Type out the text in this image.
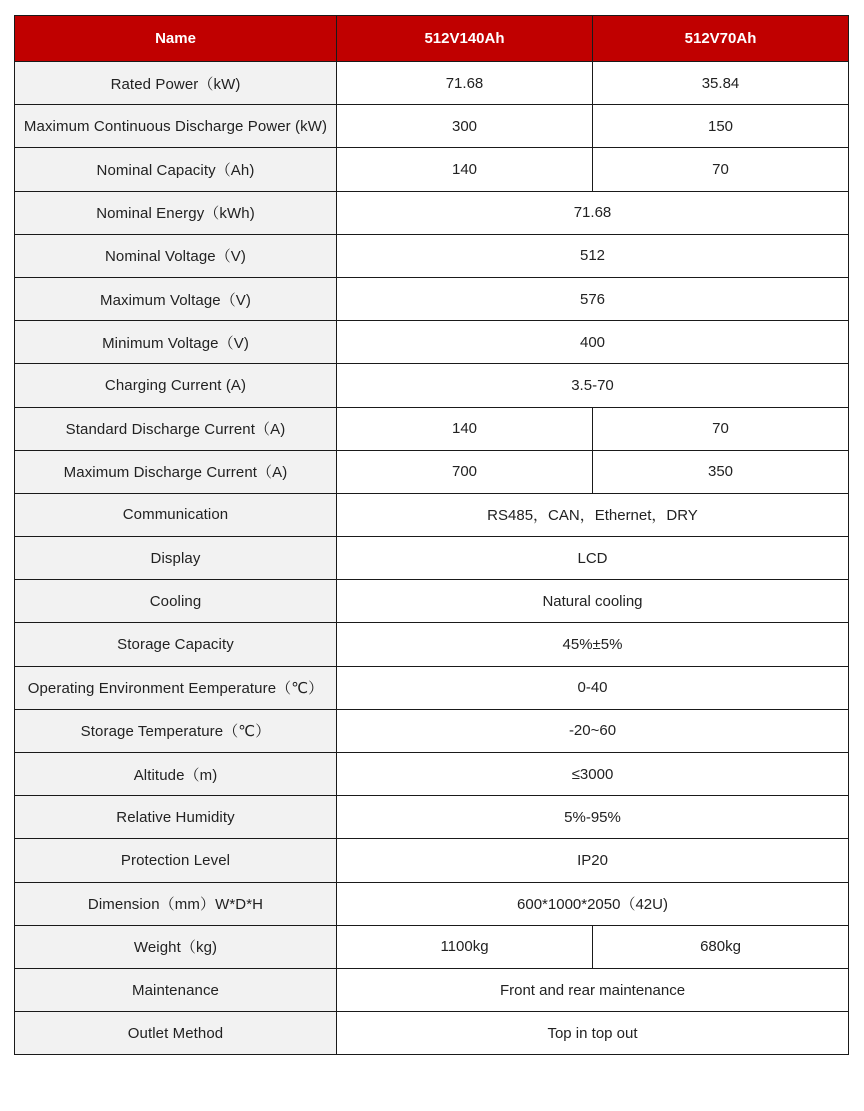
Name	512V140Ah	512V70Ah
Rated Power（kW)	71.68	35.84
Maximum Continuous Discharge Power (kW)	300	150
Nominal Capacity（Ah)	140	70
Nominal Energy（kWh)	71.68	
Nominal Voltage（V)	512	
Maximum Voltage（V)	576	
Minimum Voltage（V)	400	
Charging Current (A)	3.5-70	
Standard Discharge Current（A)	140	70
Maximum Discharge Current（A)	700	350
Communication	RS485，CAN，Ethernet，DRY	
Display	LCD	
Cooling	Natural cooling	
Storage Capacity	45%±5%	
Operating Environment Eemperature（℃）	0-40	
Storage Temperature（℃）	-20~60	
Altitude（m)	≤3000	
Relative Humidity	5%-95%	
Protection Level	IP20	
Dimension（mm）W*D*H	600*1000*2050（42U)	
Weight（kg)	1100kg	680kg
Maintenance	Front and rear maintenance	
Outlet Method	Top in top out	
